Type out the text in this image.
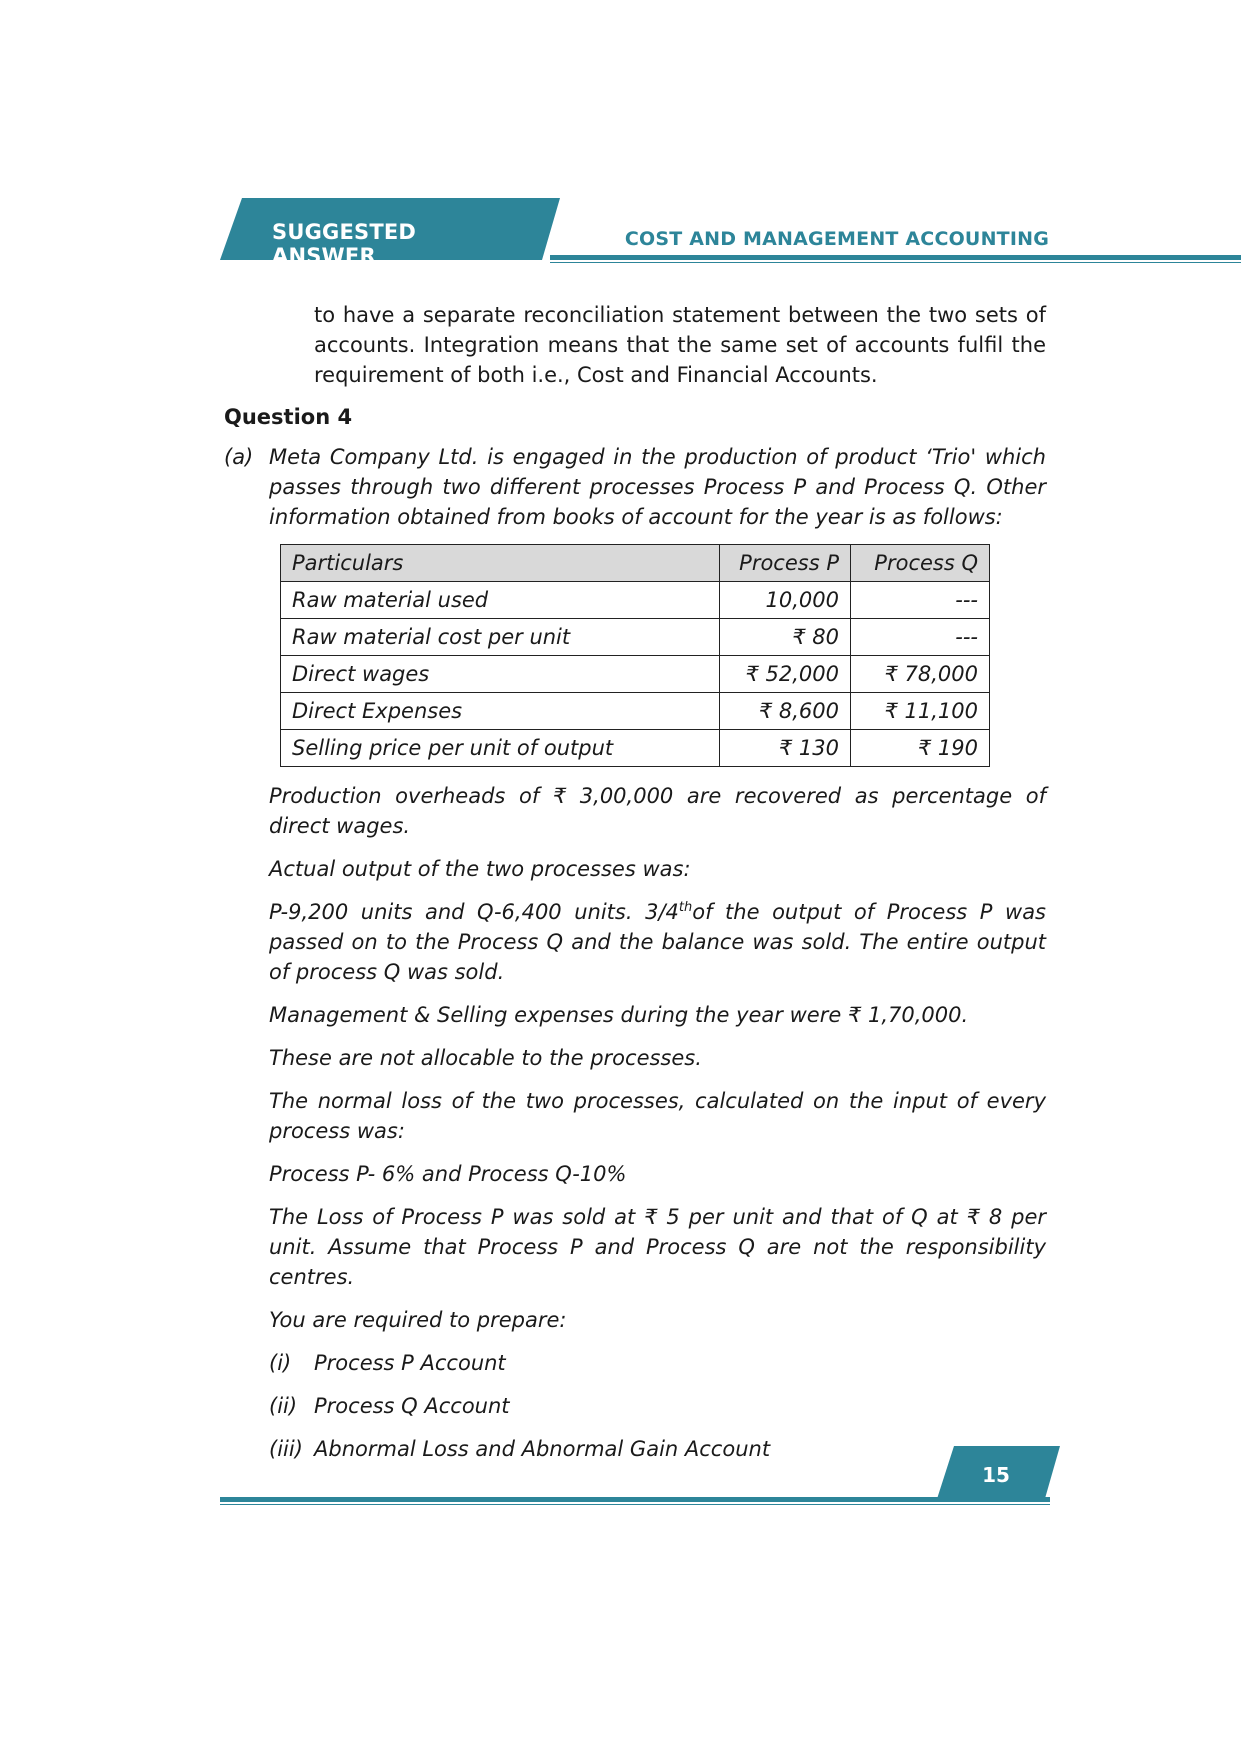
SUGGESTED ANSWER
COST AND MANAGEMENT ACCOUNTING

to have a separate reconciliation statement between the two sets of accounts. Integration means that the same set of accounts fulfil the requirement of both i.e., Cost and Financial Accounts.

Question 4
(a) Meta Company Ltd. is engaged in the production of product ‘Trio' which passes through two different processes Process P and Process Q. Other information obtained from books of account for the year is as follows:
Particulars	Process P	Process Q
Raw material used	10,000	---
Raw material cost per unit	₹ 80	---
Direct wages	₹ 52,000	₹ 78,000
Direct Expenses	₹ 8,600	₹ 11,100
Selling price per unit of output	₹ 130	₹ 190

Production overheads of ₹ 3,00,000 are recovered as percentage of direct wages.

Actual output of the two processes was:

P-9,200 units and Q-6,400 units. 3/4thof the output of Process P was passed on to the Process Q and the balance was sold. The entire output of process Q was sold.

Management & Selling expenses during the year were ₹ 1,70,000.

These are not allocable to the processes.

The normal loss of the two processes, calculated on the input of every process was:

Process P- 6% and Process Q-10%

The Loss of Process P was sold at ₹ 5 per unit and that of Q at ₹ 8 per unit. Assume that Process P and Process Q are not the responsibility centres.

You are required to prepare:

(i)	Process P Account
(ii) Process Q Account
(iii) Abnormal Loss and Abnormal Gain Account
15
